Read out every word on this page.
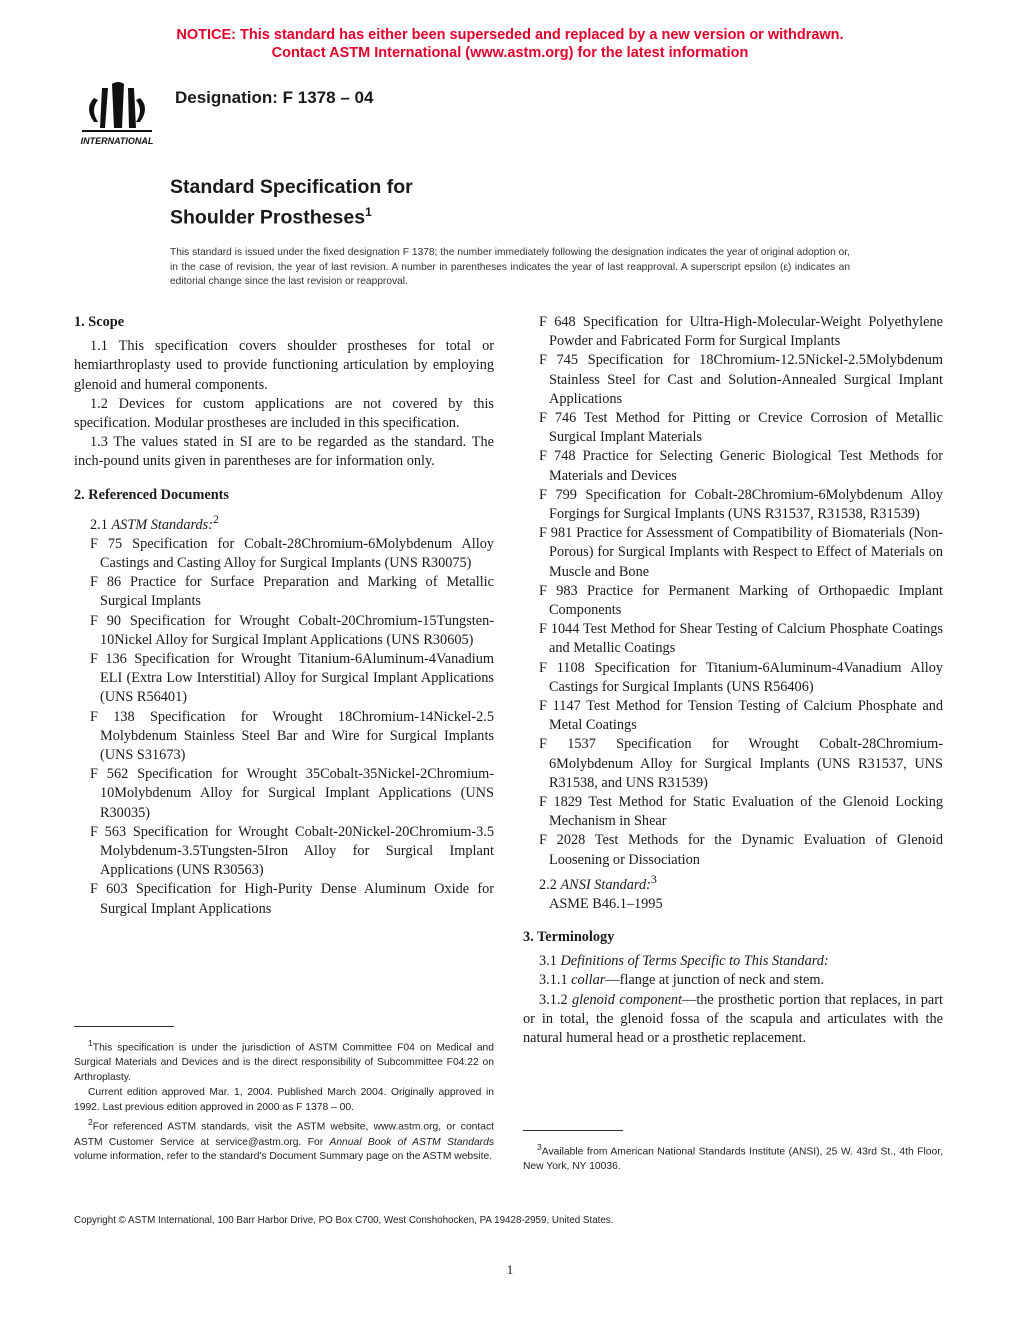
NOTICE: This standard has either been superseded and replaced by a new version or withdrawn.
Contact ASTM International (www.astm.org) for the latest information
INTERNATIONAL
Designation: F 1378 – 04
Standard Specification for
Shoulder Prostheses$^1$
This standard is issued under the fixed designation F 1378; the number immediately following the designation indicates the year of original adoption or, in the case of revision, the year of last revision. A number in parentheses indicates the year of last reapproval. A superscript epsilon (ε) indicates an editorial change since the last revision or reapproval.
1. Scope

1.1 This specification covers shoulder prostheses for total or hemiarthroplasty used to provide functioning articulation by employing glenoid and humeral components.

1.2 Devices for custom applications are not covered by this specification. Modular prostheses are included in this specification.

1.3 The values stated in SI are to be regarded as the standard. The inch-pound units given in parentheses are for information only.

2. Referenced Documents

2.1 ASTM Standards:$^2$

F 75 Specification for Cobalt-28Chromium-6Molybdenum Alloy Castings and Casting Alloy for Surgical Implants (UNS R30075)

F 86 Practice for Surface Preparation and Marking of Metallic Surgical Implants

F 90 Specification for Wrought Cobalt-20Chromium-15Tungsten-10Nickel Alloy for Surgical Implant Applications (UNS R30605)

F 136 Specification for Wrought Titanium-6Aluminum-4Vanadium ELI (Extra Low Interstitial) Alloy for Surgical Implant Applications (UNS R56401)

F 138 Specification for Wrought 18Chromium-14Nickel-2.5 Molybdenum Stainless Steel Bar and Wire for Surgical Implants (UNS S31673)

F 562 Specification for Wrought 35Cobalt-35Nickel-2Chromium-10Molybdenum Alloy for Surgical Implant Applications (UNS R30035)

F 563 Specification for Wrought Cobalt-20Nickel-20Chromium-3.5 Molybdenum-3.5Tungsten-5Iron Alloy for Surgical Implant Applications (UNS R30563)

F 603 Specification for High-Purity Dense Aluminum Oxide for Surgical Implant Applications

F 648 Specification for Ultra-High-Molecular-Weight Polyethylene Powder and Fabricated Form for Surgical Implants

F 745 Specification for 18Chromium-12.5Nickel-2.5Molybdenum Stainless Steel for Cast and Solution-Annealed Surgical Implant Applications

F 746 Test Method for Pitting or Crevice Corrosion of Metallic Surgical Implant Materials

F 748 Practice for Selecting Generic Biological Test Methods for Materials and Devices

F 799 Specification for Cobalt-28Chromium-6Molybdenum Alloy Forgings for Surgical Implants (UNS R31537, R31538, R31539)

F 981 Practice for Assessment of Compatibility of Biomaterials (Non-Porous) for Surgical Implants with Respect to Effect of Materials on Muscle and Bone

F 983 Practice for Permanent Marking of Orthopaedic Implant Components

F 1044 Test Method for Shear Testing of Calcium Phosphate Coatings and Metallic Coatings

F 1108 Specification for Titanium-6Aluminum-4Vanadium Alloy Castings for Surgical Implants (UNS R56406)

F 1147 Test Method for Tension Testing of Calcium Phosphate and Metal Coatings

F 1537 Specification for Wrought Cobalt-28Chromium-6Molybdenum Alloy for Surgical Implants (UNS R31537, UNS R31538, and UNS R31539)

F 1829 Test Method for Static Evaluation of the Glenoid Locking Mechanism in Shear

F 2028 Test Methods for the Dynamic Evaluation of Glenoid Loosening or Dissociation

2.2 ANSI Standard:$^3$

ASME B46.1–1995

3. Terminology

3.1 Definitions of Terms Specific to This Standard:

3.1.1 collar—flange at junction of neck and stem.

3.1.2 glenoid component—the prosthetic portion that replaces, in part or in total, the glenoid fossa of the scapula and articulates with the natural humeral head or a prosthetic replacement.

$^1$This specification is under the jurisdiction of ASTM Committee F04 on Medical and Surgical Materials and Devices and is the direct responsibility of Subcommittee F04.22 on Arthroplasty.

Current edition approved Mar. 1, 2004. Published March 2004. Originally approved in 1992. Last previous edition approved in 2000 as F 1378 – 00.

$^2$For referenced ASTM standards, visit the ASTM website, www.astm.org, or contact ASTM Customer Service at service@astm.org. For Annual Book of ASTM Standards volume information, refer to the standard's Document Summary page on the ASTM website.

$^3$Available from American National Standards Institute (ANSI), 25 W. 43rd St., 4th Floor, New York, NY 10036.

Copyright © ASTM International, 100 Barr Harbor Drive, PO Box C700, West Conshohocken, PA 19428-2959, United States.
1
